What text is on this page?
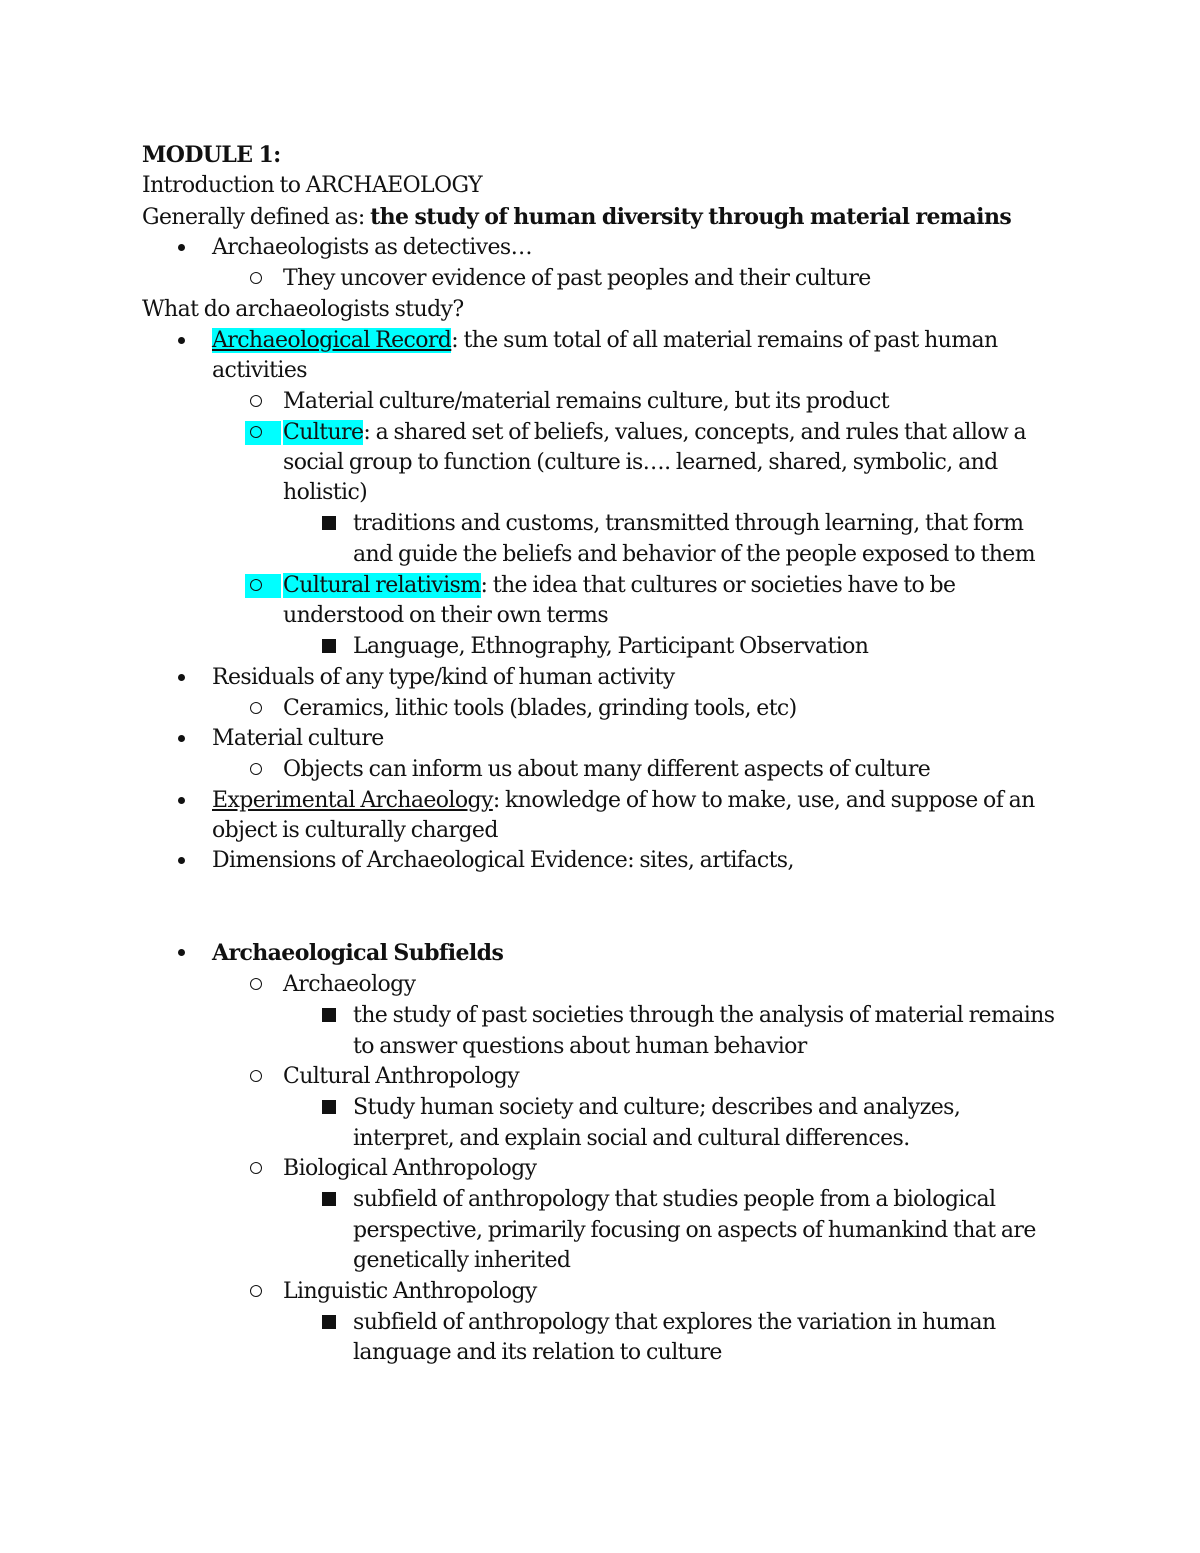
MODULE 1:
Introduction to ARCHAEOLOGY
Generally defined as: the study of human diversity through material remains
Archaeologists as detectives…
They uncover evidence of past peoples and their culture
What do archaeologists study?
Archaeological Record: the sum total of all material remains of past human
activities
Material culture/material remains culture, but its product
Culture: a shared set of beliefs, values, concepts, and rules that allow a
social group to function (culture is…. learned, shared, symbolic, and
holistic)
traditions and customs, transmitted through learning, that form
and guide the beliefs and behavior of the people exposed to them
Cultural relativism: the idea that cultures or societies have to be
understood on their own terms
Language, Ethnography, Participant Observation
Residuals of any type/kind of human activity
Ceramics, lithic tools (blades, grinding tools, etc)
Material culture
Objects can inform us about many different aspects of culture
Experimental Archaeology: knowledge of how to make, use, and suppose of an
object is culturally charged
Dimensions of Archaeological Evidence: sites, artifacts,
Archaeological Subfields
Archaeology
the study of past societies through the analysis of material remains
to answer questions about human behavior
Cultural Anthropology
Study human society and culture; describes and analyzes,
interpret, and explain social and cultural differences.
Biological Anthropology
subfield of anthropology that studies people from a biological
perspective, primarily focusing on aspects of humankind that are
genetically inherited
Linguistic Anthropology
subfield of anthropology that explores the variation in human
language and its relation to culture
